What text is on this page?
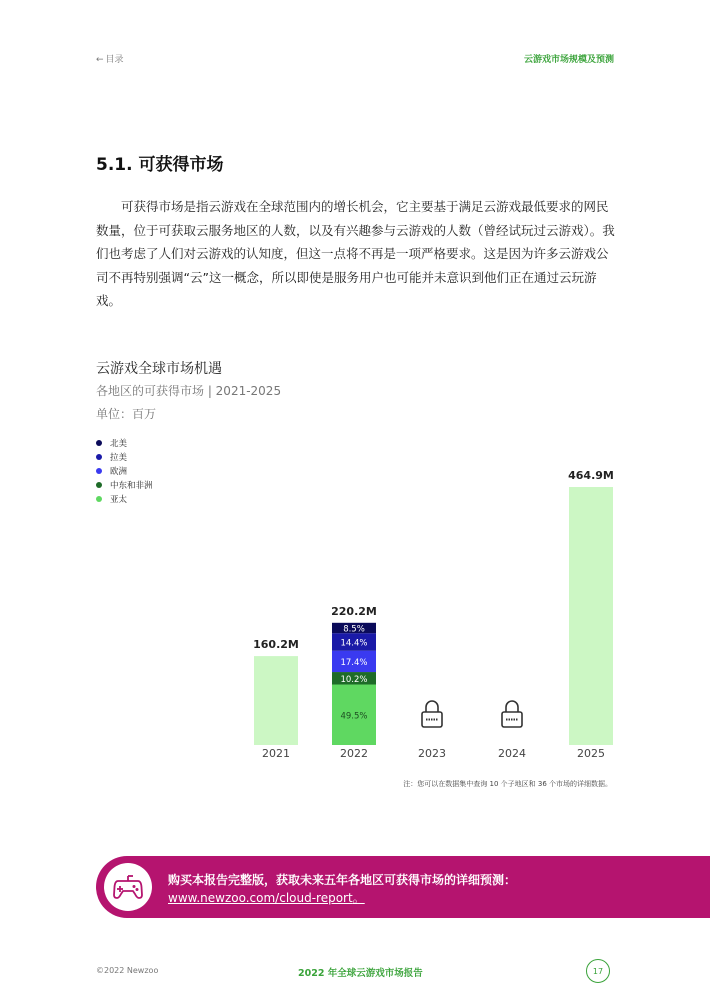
← 目录	云游戏市场规模及预测
5.1. 可获得市场
可获得市场是指云游戏在全球范围内的增长机会，它主要基于满足云游戏最低要求的网民数量，位于可获取云服务地区的人数，以及有兴趣参与云游戏的人数（曾经试玩过云游戏）。我们也考虑了人们对云游戏的认知度，但这一点将不再是一项严格要求。这是因为许多云游戏公司不再特别强调“云”这一概念，所以即使是服务用户也可能并未意识到他们正在通过云玩游戏。
云游戏全球市场机遇
各地区的可获得市场 | 2021-2025
单位：百万
北美
拉美
欧洲
中东和非洲
亚太
2021
160.2M
2022
49.5%
10.2%
17.4%
14.4%
8.5%
220.2M
2023	2024	2025
464.9M
注：您可以在数据集中查询 10 个子地区和 36 个市场的详细数据。
购买本报告完整版，获取未来五年各地区可获得市场的详细预测：
www.newzoo.com/cloud-report。
©2022 Newzoo	2022 年全球云游戏市场报告	17
